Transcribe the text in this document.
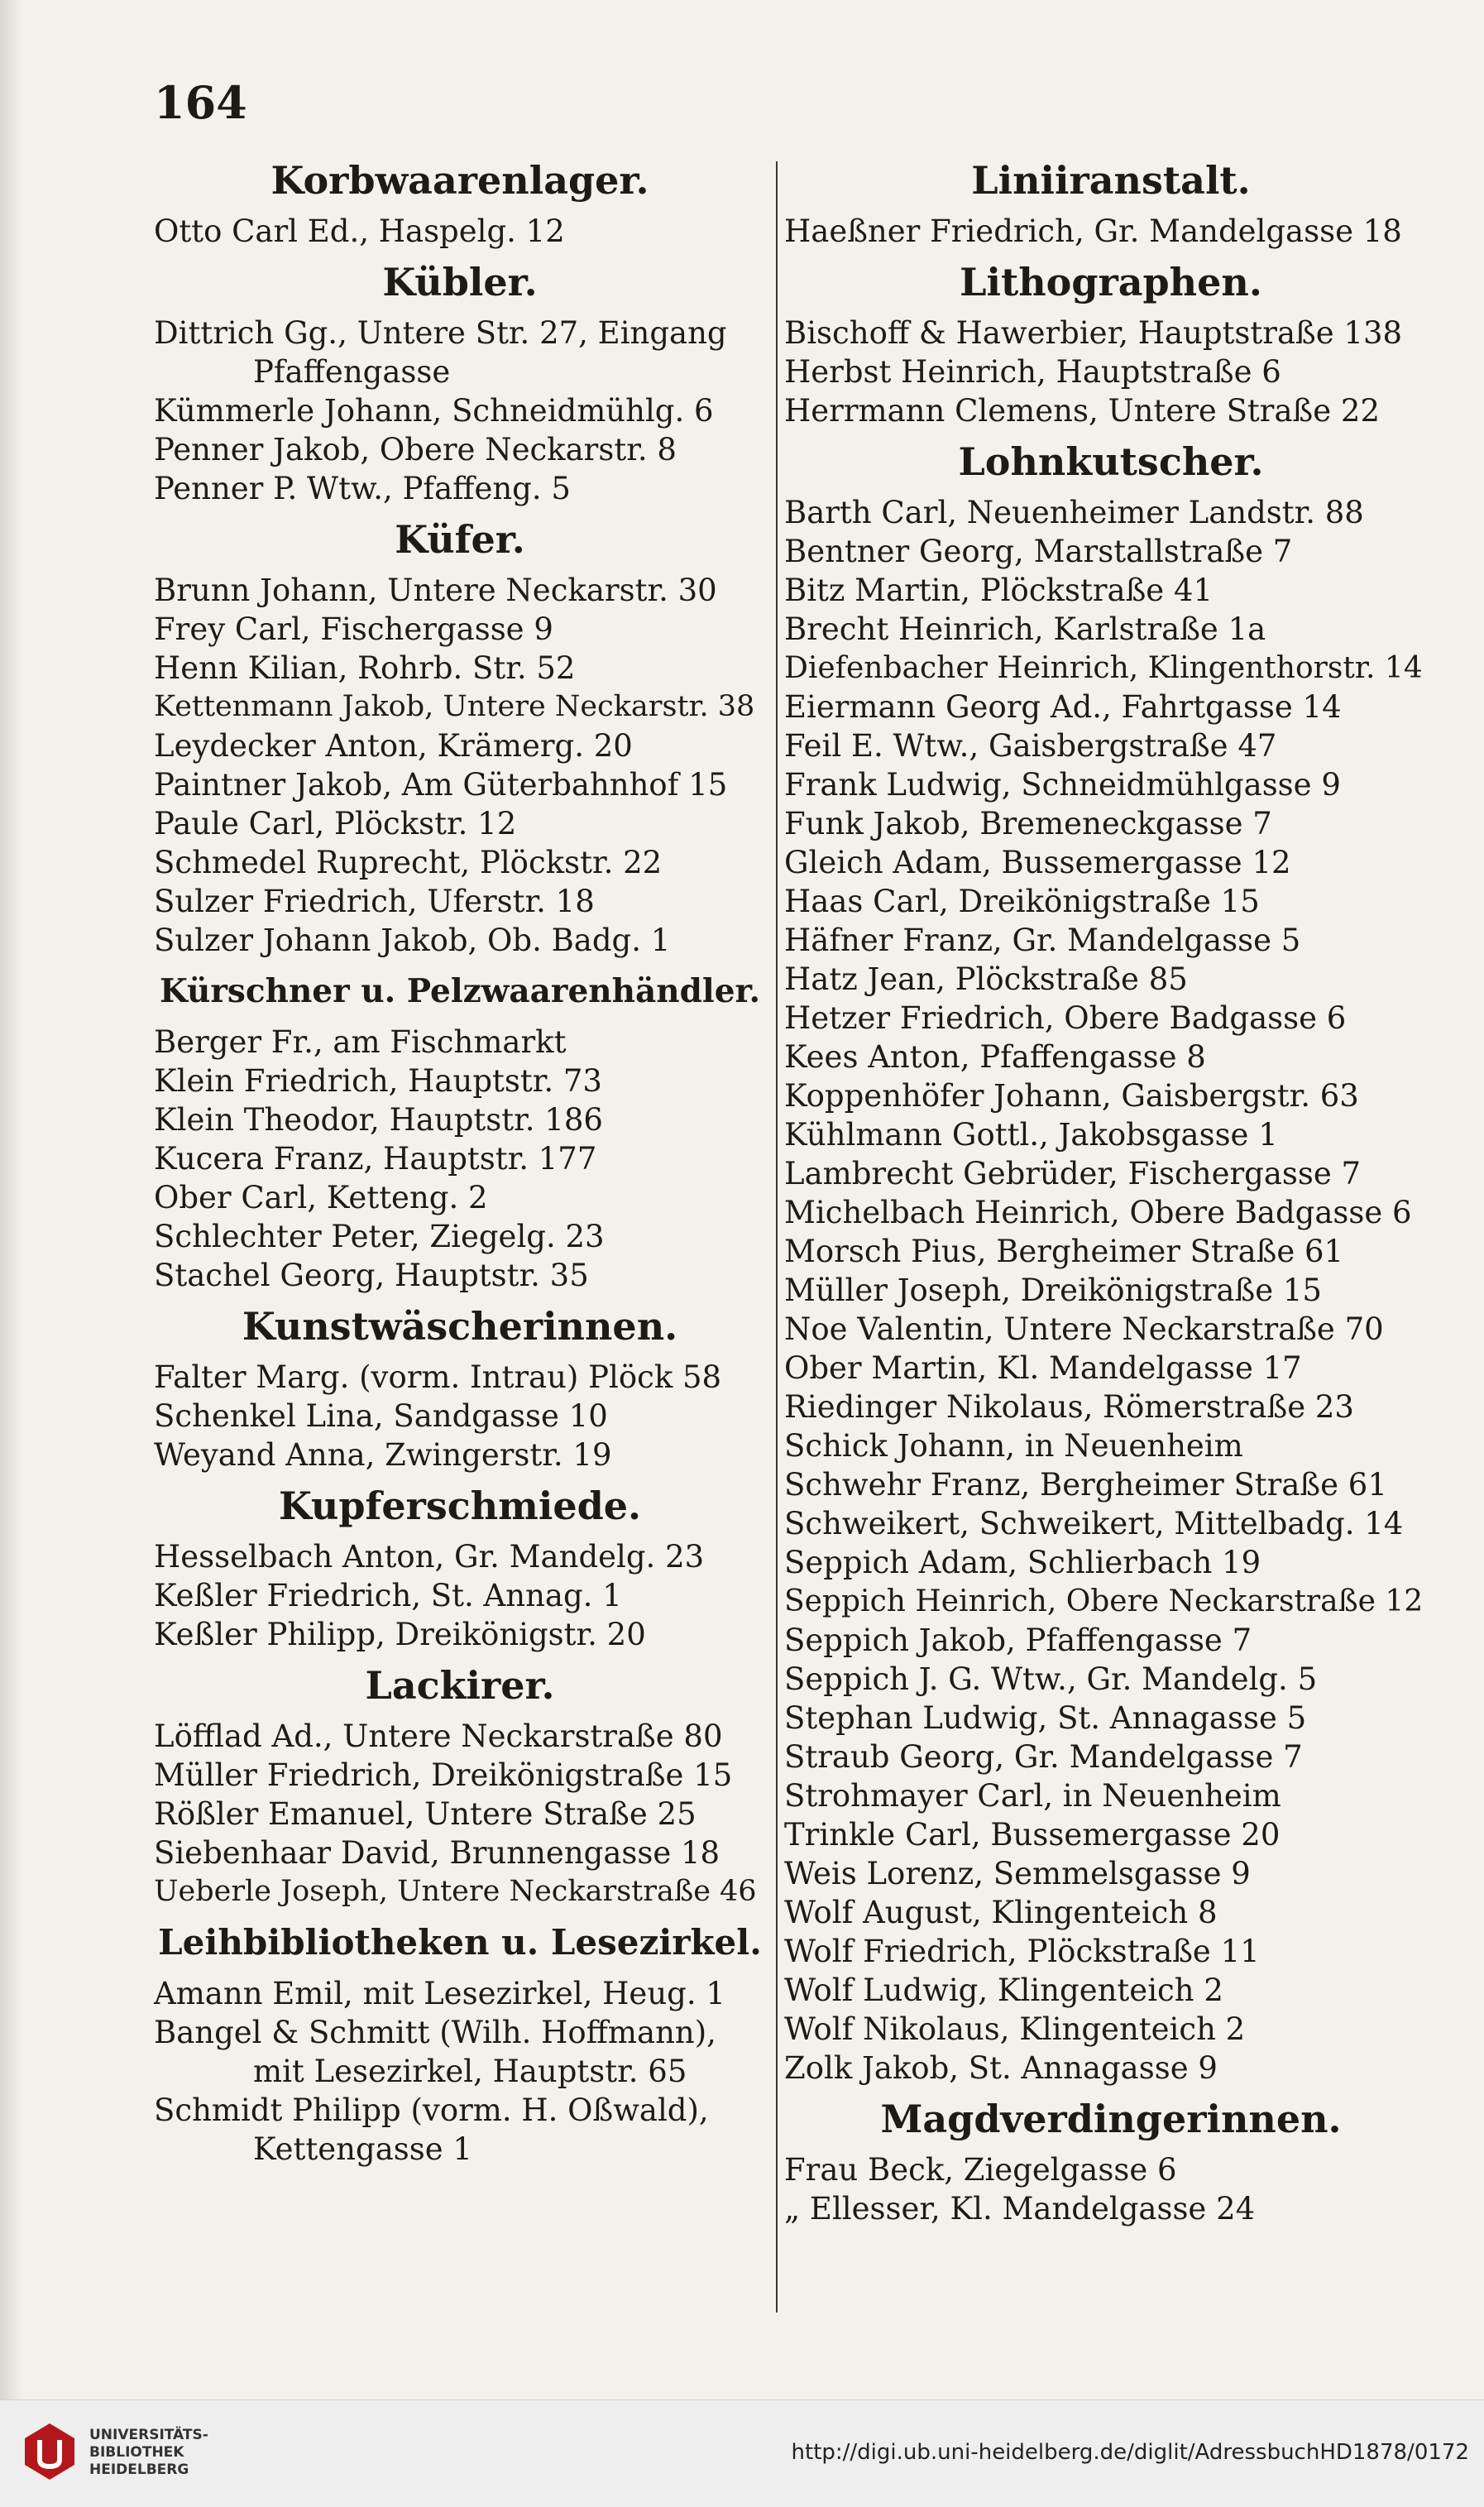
164
Korbwaarenlager.
Otto Carl Ed., Haspelg. 12
Kübler.
Dittrich Gg., Untere Str. 27, Eingang
Pfaffengasse
Kümmerle Johann, Schneidmühlg. 6
Penner Jakob, Obere Neckarstr. 8
Penner P. Wtw., Pfaffeng. 5
Küfer.
Brunn Johann, Untere Neckarstr. 30
Frey Carl, Fischergasse 9
Henn Kilian, Rohrb. Str. 52
Kettenmann Jakob, Untere Neckarstr. 38
Leydecker Anton, Krämerg. 20
Paintner Jakob, Am Güterbahnhof 15
Paule Carl, Plöckstr. 12
Schmedel Ruprecht, Plöckstr. 22
Sulzer Friedrich, Uferstr. 18
Sulzer Johann Jakob, Ob. Badg. 1
Kürschner u. Pelzwaarenhändler.
Berger Fr., am Fischmarkt
Klein Friedrich, Hauptstr. 73
Klein Theodor, Hauptstr. 186
Kucera Franz, Hauptstr. 177
Ober Carl, Ketteng. 2
Schlechter Peter, Ziegelg. 23
Stachel Georg, Hauptstr. 35
Kunstwäscherinnen.
Falter Marg. (vorm. Intrau) Plöck 58
Schenkel Lina, Sandgasse 10
Weyand Anna, Zwingerstr. 19
Kupferschmiede.
Hesselbach Anton, Gr. Mandelg. 23
Keßler Friedrich, St. Annag. 1
Keßler Philipp, Dreikönigstr. 20
Lackirer.
Löfflad Ad., Untere Neckarstraße 80
Müller Friedrich, Dreikönigstraße 15
Rößler Emanuel, Untere Straße 25
Siebenhaar David, Brunnengasse 18
Ueberle Joseph, Untere Neckarstraße 46
Leihbibliotheken u. Lesezirkel.
Amann Emil, mit Lesezirkel, Heug. 1
Bangel & Schmitt (Wilh. Hoffmann),
mit Lesezirkel, Hauptstr. 65
Schmidt Philipp (vorm. H. Oßwald),
Kettengasse 1
Liniiranstalt.
Haeßner Friedrich, Gr. Mandelgasse 18
Lithographen.
Bischoff & Hawerbier, Hauptstraße 138
Herbst Heinrich, Hauptstraße 6
Herrmann Clemens, Untere Straße 22
Lohnkutscher.
Barth Carl, Neuenheimer Landstr. 88
Bentner Georg, Marstallstraße 7
Bitz Martin, Plöckstraße 41
Brecht Heinrich, Karlstraße 1a
Diefenbacher Heinrich, Klingenthorstr. 14
Eiermann Georg Ad., Fahrtgasse 14
Feil E. Wtw., Gaisbergstraße 47
Frank Ludwig, Schneidmühlgasse 9
Funk Jakob, Bremeneckgasse 7
Gleich Adam, Bussemergasse 12
Haas Carl, Dreikönigstraße 15
Häfner Franz, Gr. Mandelgasse 5
Hatz Jean, Plöckstraße 85
Hetzer Friedrich, Obere Badgasse 6
Kees Anton, Pfaffengasse 8
Koppenhöfer Johann, Gaisbergstr. 63
Kühlmann Gottl., Jakobsgasse 1
Lambrecht Gebrüder, Fischergasse 7
Michelbach Heinrich, Obere Badgasse 6
Morsch Pius, Bergheimer Straße 61
Müller Joseph, Dreikönigstraße 15
Noe Valentin, Untere Neckarstraße 70
Ober Martin, Kl. Mandelgasse 17
Riedinger Nikolaus, Römerstraße 23
Schick Johann, in Neuenheim
Schwehr Franz, Bergheimer Straße 61
Schweikert, Schweikert, Mittelbadg. 14
Seppich Adam, Schlierbach 19
Seppich Heinrich, Obere Neckarstraße 12
Seppich Jakob, Pfaffengasse 7
Seppich J. G. Wtw., Gr. Mandelg. 5
Stephan Ludwig, St. Annagasse 5
Straub Georg, Gr. Mandelgasse 7
Strohmayer Carl, in Neuenheim
Trinkle Carl, Bussemergasse 20
Weis Lorenz, Semmelsgasse 9
Wolf August, Klingenteich 8
Wolf Friedrich, Plöckstraße 11
Wolf Ludwig, Klingenteich 2
Wolf Nikolaus, Klingenteich 2
Zolk Jakob, St. Annagasse 9
Magdverdingerinnen.
Frau Beck, Ziegelgasse 6
„ Ellesser, Kl. Mandelgasse 24
UNIVERSITÄTS-
BIBLIOTHEK
HEIDELBERG
http://digi.ub.uni-heidelberg.de/diglit/AdressbuchHD1878/0172
